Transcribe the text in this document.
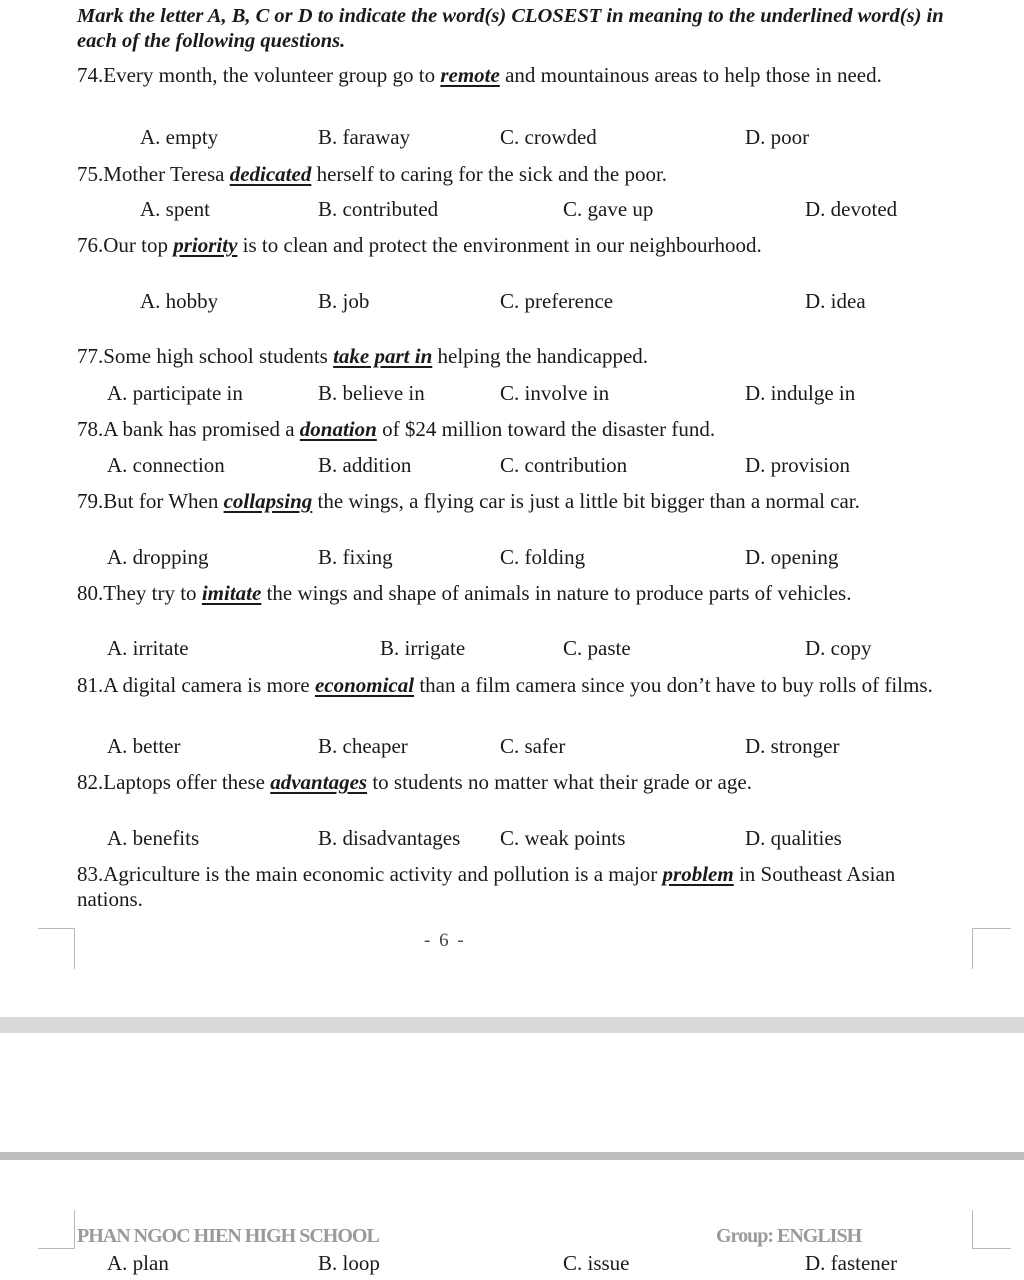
Mark the letter A, B, C or D to indicate the word(s) CLOSEST in meaning to the underlined word(s) in each of the following questions.
74.Every month, the volunteer group go to remote and mountainous areas to help those in need.
A. empty	B. faraway	C. crowded	D. poor
75.Mother Teresa dedicated herself to caring for the sick and the poor.
A. spent	B. contributed	C. gave up	D. devoted
76.Our top priority is to clean and protect the environment in our neighbourhood.
A. hobby	B. job	C. preference	D. idea
77.Some high school students take part in helping the handicapped.
A. participate in	B. believe in	C. involve in	D. indulge in
78.A bank has promised a donation of $24 million toward the disaster fund.
A. connection	B. addition	C. contribution	D. provision
79.But for When collapsing the wings, a flying car is just a little bit bigger than a normal car.
A. dropping	B. fixing	C. folding	D. opening
80.They try to imitate the wings and shape of animals in nature to produce parts of vehicles.
A. irritate	B. irrigate	C. paste	D. copy
81.A digital camera is more economical than a film camera since you don’t have to buy rolls of films.
A. better	B. cheaper	C. safer	D. stronger
82.Laptops offer these advantages to students no matter what their grade or age.
A. benefits	B. disadvantages C. weak points	D. qualities
83.Agriculture is the main economic activity and pollution is a major problem in Southeast Asian nations.
- 6 -
PHAN NGOC HIEN HIGH SCHOOL	Group: ENGLISH
A. plan	B. loop	C. issue	D. fastener
